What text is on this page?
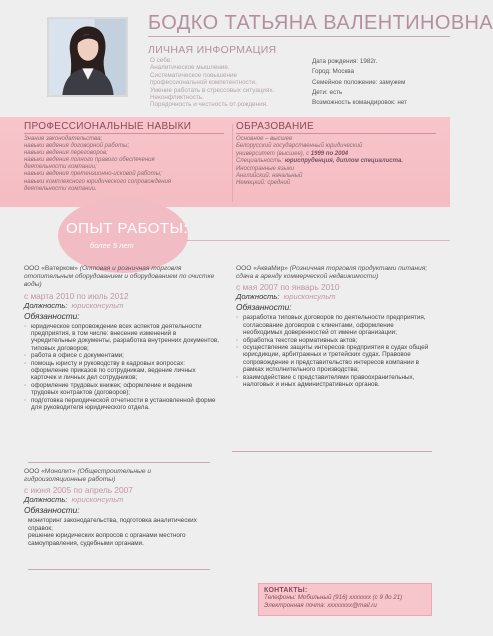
БОДКО ТАТЬЯНА ВАЛЕНТИНОВНА
ЛИЧНАЯ ИНФОРМАЦИЯ
О себе:
Аналитическое мышление.
Систематическое повышение
профессиональной компетентности.
Умение работать в стрессовых ситуациях.
Неконфликтность.
Порядочность и честность от рождения.
Дата рождения: 1982г.
Город: Москва
Семейное положение: замужем
Дети: есть
Возможность командировок: нет
ПРОФЕССИОНАЛЬНЫЕ НАВЫКИ
Знание законодательства;
навыки ведения договорной работы;
навыки ведения переговоров;
навыки ведения полного правого обеспечения
деятельности компании;
навыки ведения претензионно-исковой работы;
навыки комплексного юридического сопровождения
деятельности компании.
ОБРАЗОВАНИЕ
Основное – высшее
Белорусский государственный юридический
университет (высшее), с 1999 по 2004
Специальность: юриспруденция, диплом специалиста.
Иностранные языки
Английский: начальный
Немецкий: средний
ОПЫТ РАБОТЫ:
более 5 лет
ООО «Ватерком» (Оптовая и розничная торговля отопительным оборудованием и оборудованием по очистке воды)
с марта 2010 по июль 2012
Должность: юрисконсульт
Обязанности:
◦ юридическое сопровождение всех аспектов деятельности предприятия, в том числе: внесение изменений в учредительные документы, разработка внутренних документов, типовых договоров;
◦ работа в офисе с документами;
◦ помощь юристу и руководству в кадровых вопросах: оформление приказов по сотрудникам, ведение личных карточек и личных дел сотрудников;
◦ оформление трудовых книжек; оформление и ведение трудовых контрактов (договоров);
◦ подготовка периодической отчетности в установленной форме для руководителя юридического отдела.
ООО «АкваМир» (Розничная торговля продуктами питания; сдача в аренду коммерческой недвижимости)
с мая 2007 по январь 2010
Должность: юрисконсульт
Обязанности:
◦ разработка типовых договоров по деятельности предприятия, согласование договоров с клиентами, оформление необходимых доверенностей от имени организации;
◦ обработка текстов нормативных актов;
◦ осуществление защиты интересов предприятия в судах общей юрисдикции, арбитражных и третейских судах. Правовое сопровождение и представительство интересов компании в рамках исполнительного производства;
◦ взаимодействие с представителями правоохранительных, налоговых и иных административных органов.
ООО «Монолит» (Общестроительные и гидроизоляционные работы)
с июня 2005 по апрель 2007
Должность: юрисконсульт
Обязанности:
мониторинг законодательства, подготовка аналитических справок;
решение юридических вопросов с органами местного самоуправления, судебными органами.
КОНТАКТЫ:
Телефоны: Мобильный (916) xxxxxxx (с 9 до 21)
Электронная почта: xxxxxxxx@mail.ru
